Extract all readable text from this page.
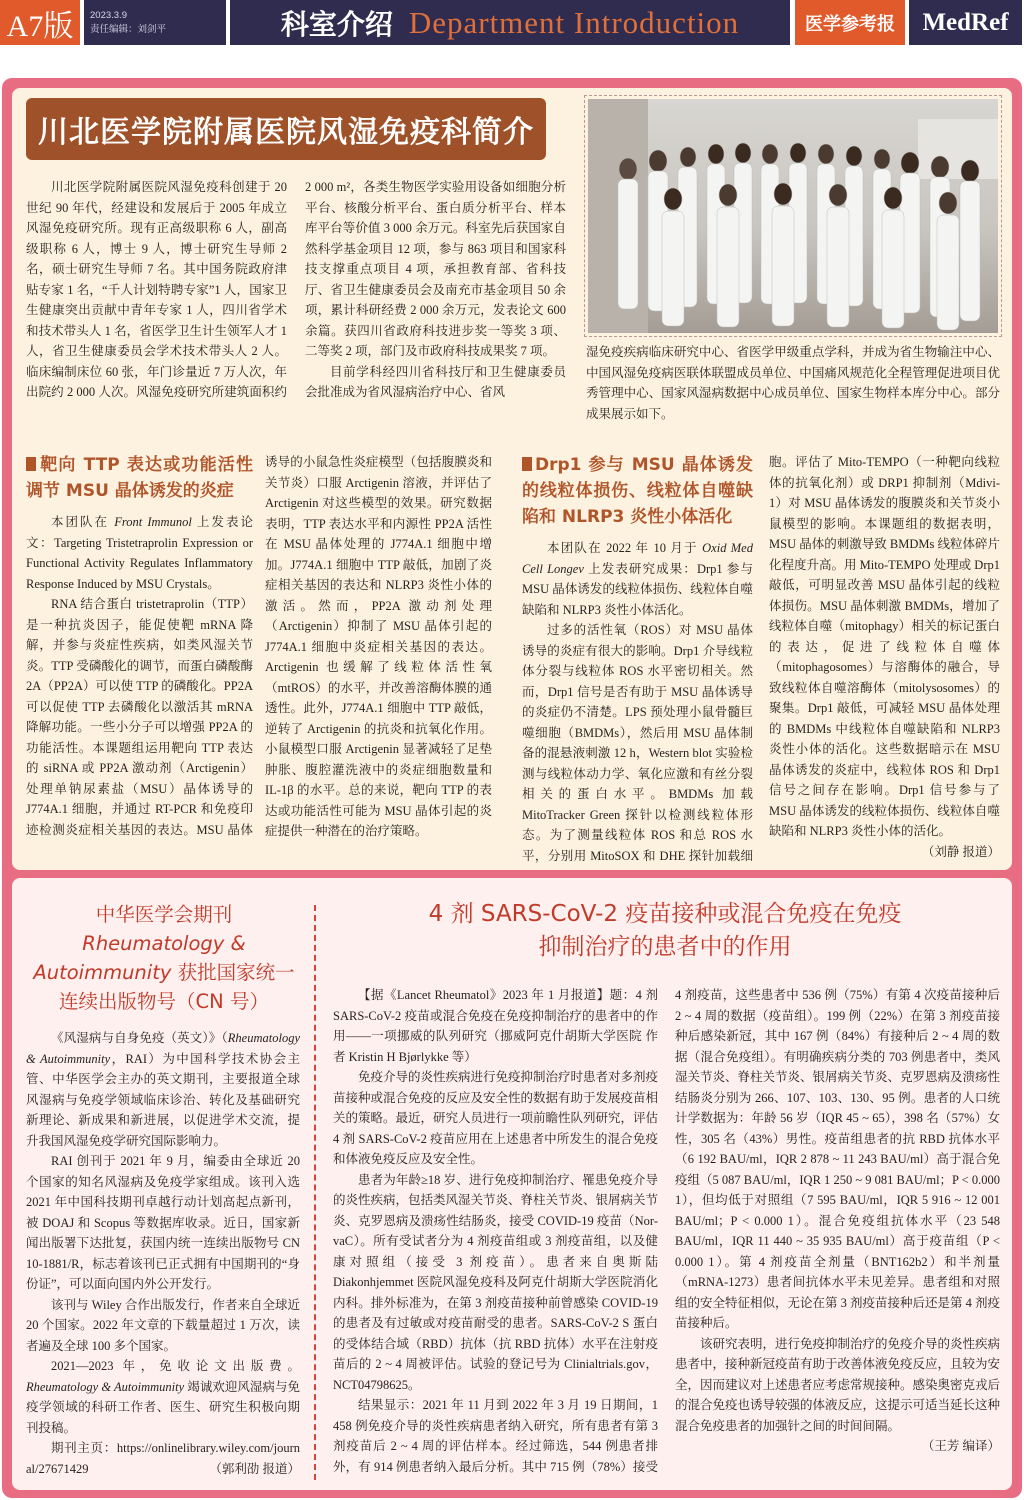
A7版	2023.3.9
责任编辑：刘剑平	科室介绍 Department Introduction	医学参考报	MedRef
川北医学院附属医院风湿免疫科简介

川北医学院附属医院风湿免疫科创建于 20 世纪 90 年代，经建设和发展后于 2005 年成立风湿免疫研究所。现有正高级职称 6 人，副高级职称 6 人，博士 9 人，博士研究生导师 2 名，硕士研究生导师 7 名。其中国务院政府津贴专家 1 名，“千人计划特聘专家”1 人，国家卫生健康突出贡献中青年专家 1 人，四川省学术和技术带头人 1 名，省医学卫生计生领军人才 1 人，省卫生健康委员会学术技术带头人 2 人。临床编制床位 60 张，年门诊量近 7 万人次，年出院约 2 000 人次。风湿免疫研究所建筑面积约 2 000 m²，各类生物医学实验用设备如细胞分析平台、核酸分析平台、蛋白质分析平台、样本库平台等价值 3 000 余万元。科室先后获国家自然科学基金项目 12 项，参与 863 项目和国家科技支撑重点项目 4 项，承担教育部、省科技厅、省卫生健康委员会及南充市基金项目 50 余项，累计科研经费 2 000 余万元，发表论文 600 余篇。获四川省政府科技进步奖一等奖 3 项、二等奖 2 项，部门及市政府科技成果奖 7 项。

目前学科经四川省科技厅和卫生健康委员会批准成为省风湿病治疗中心、省风

湿免疫疾病临床研究中心、省医学甲级重点学科，并成为省生物输注中心、中国风湿免疫病医联体联盟成员单位、中国痛风规范化全程管理促进项目优秀管理中心、国家风湿病数据中心成员单位、国家生物样本库分中心。部分成果展示如下。

靶向 TTP 表达或功能活性调节 MSU 晶体诱发的炎症

本团队在 Front Immunol 上发表论文：Targeting Tristetraprolin Expression or Functional Activity Regulates Inflammatory Response Induced by MSU Crystals。

RNA 结合蛋白 tristetraprolin（TTP）是一种抗炎因子，能促使靶 mRNA 降解，并参与炎症性疾病，如类风湿关节炎。TTP 受磷酸化的调节，而蛋白磷酸酶 2A（PP2A）可以使 TTP 的磷酸化。PP2A 可以促使 TTP 去磷酸化以激活其 mRNA 降解功能。一些小分子可以增强 PP2A 的功能活性。本课题组运用靶向 TTP 表达的 siRNA 或 PP2A 激动剂（Arctigenin）处理单钠尿素盐（MSU）晶体诱导的 J774A.1 细胞，并通过 RT-PCR 和免疫印迹检测炎症相关基因的表达。MSU 晶体诱导的小鼠急性炎症模型（包括腹膜炎和关节炎）口服 Arctigenin 溶液，并评估了 Arctigenin 对这些模型的效果。研究数据表明，TTP 表达水平和内源性 PP2A 活性在 MSU 晶体处理的 J774A.1 细胞中增加。J774A.1 细胞中 TTP 敲低，加剧了炎症相关基因的表达和 NLRP3 炎性小体的激活。然而，PP2A 激动剂处理（Arctigenin）抑制了 MSU 晶体引起的 J774A.1 细胞中炎症相关基因的表达。Arctigenin 也缓解了线粒体活性氧（mtROS）的水平，并改善溶酶体膜的通透性。此外，J774A.1 细胞中 TTP 敲低，逆转了 Arctigenin 的抗炎和抗氧化作用。小鼠模型口服 Arctigenin 显著减轻了足垫肿胀、腹腔灌洗液中的炎症细胞数量和 IL-1β 的水平。总的来说，靶向 TTP 的表达或功能活性可能为 MSU 晶体引起的炎症提供一种潜在的治疗策略。

Drp1 参与 MSU 晶体诱发的线粒体损伤、线粒体自噬缺陷和 NLRP3 炎性小体活化

本团队在 2022 年 10 月于 Oxid Med Cell Longev 上发表研究成果：Drp1 参与 MSU 晶体诱发的线粒体损伤、线粒体自噬缺陷和 NLRP3 炎性小体活化。

过多的活性氧（ROS）对 MSU 晶体诱导的炎症有很大的影响。Drp1 介导线粒体分裂与线粒体 ROS 水平密切相关。然而，Drp1 信号是否有助于 MSU 晶体诱导的炎症仍不清楚。LPS 预处理小鼠骨髓巨噬细胞（BMDMs），然后用 MSU 晶体制备的混悬液刺激 12 h，Western blot 实验检测与线粒体动力学、氧化应激和有丝分裂相关的蛋白水平。BMDMs 加载 MitoTracker Green 探针以检测线粒体形态。为了测量线粒体 ROS 和总 ROS 水平，分别用 MitoSOX 和 DHE 探针加载细胞。评估了 Mito-TEMPO（一种靶向线粒体的抗氧化剂）或 DRP1 抑制剂（Mdivi-1）对 MSU 晶体诱发的腹膜炎和关节炎小鼠模型的影响。本课题组的数据表明，MSU 晶体的刺激导致 BMDMs 线粒体碎片化程度升高。用 Mito-TEMPO 处理或 Drp1 敲低，可明显改善 MSU 晶体引起的线粒体损伤。MSU 晶体刺激 BMDMs，增加了线粒体自噬（mitophagy）相关的标记蛋白的表达，促进了线粒体自噬体（mitophagosomes）与溶酶体的融合，导致线粒体自噬溶酶体（mitolysosomes）的聚集。Drp1 敲低，可减轻 MSU 晶体处理的 BMDMs 中线粒体自噬缺陷和 NLRP3 炎性小体的活化。这些数据暗示在 MSU 晶体诱发的炎症中，线粒体 ROS 和 Drp1 信号之间存在影响。Drp1 信号参与了 MSU 晶体诱发的线粒体损伤、线粒体自噬缺陷和 NLRP3 炎性小体的活化。

（刘静 报道）

中华医学会期刊
Rheumatology &
Autoimmunity 获批国家统一
连续出版物号（CN 号）

《风湿病与自身免疫（英文）》（Rheumatology & Autoimmunity，RAI）为中国科学技术协会主管、中华医学会主办的英文期刊，主要报道全球风湿病与免疫学领域临床诊治、转化及基础研究新理论、新成果和新进展，以促进学术交流，提升我国风湿免疫学研究国际影响力。

RAI 创刊于 2021 年 9 月，编委由全球近 20 个国家的知名风湿病及免疫学家组成。该刊入选 2021 年中国科技期刊卓越行动计划高起点新刊，被 DOAJ 和 Scopus 等数据库收录。近日，国家新闻出版署下达批复，获国内统一连续出版物号 CN 10-1881/R，标志着该刊已正式拥有中国期刊的“身份证”，可以面向国内外公开发行。

该刊与 Wiley 合作出版发行，作者来自全球近 20 个国家。2022 年文章的下载量超过 1 万次，读者遍及全球 100 多个国家。

2021—2023 年，免收论文出版费。Rheumatology & Autoimmunity 竭诚欢迎风湿病与免疫学领域的科研工作者、医生、研究生积极向期刊投稿。

期刊主页：https://onlinelibrary.wiley.com/journal/27671429	（郭利劭 报道）

4 剂 SARS-CoV-2 疫苗接种或混合免疫在免疫
抑制治疗的患者中的作用

【据《Lancet Rheumatol》2023 年 1 月报道】题：4 剂 SARS-CoV-2 疫苗或混合免疫在免疫抑制治疗的患者中的作用——一项挪威的队列研究（挪威阿克什胡斯大学医院 作者 Kristin H Bjørlykke 等）

免疫介导的炎性疾病进行免疫抑制治疗时患者对多剂疫苗接种或混合免疫的反应及安全性的数据有助于发展疫苗相关的策略。最近，研究人员进行一项前瞻性队列研究，评估 4 剂 SARS-CoV-2 疫苗应用在上述患者中所发生的混合免疫和体液免疫反应及安全性。

患者为年龄≥18 岁、进行免疫抑制治疗、罹患免疫介导的炎性疾病，包括类风湿关节炎、脊柱关节炎、银屑病关节炎、克罗恩病及溃疡性结肠炎，接受 COVID-19 疫苗（Nor-vaC）。所有受试者分为 4 剂疫苗组或 3 剂疫苗组，以及健康对照组（接受 3 剂疫苗）。患者来自奥斯陆 Diakonhjemmet 医院风湿免疫科及阿克什胡斯大学医院消化内科。排外标准为，在第 3 剂疫苗接种前曾感染 COVID-19 的患者及有过敏或对疫苗耐受的患者。SARS-CoV-2 S 蛋白的受体结合域（RBD）抗体（抗 RBD 抗体）水平在注射疫苗后的 2 ~ 4 周被评估。试验的登记号为 Clinialtrials.gov，NCT04798625。

结果显示：2021 年 11 月到 2022 年 3 月 19 日期间，1 458 例免疫介导的炎性疾病患者纳入研究，所有患者有第 3 剂疫苗后 2 ~ 4 周的评估样本。经过筛选，544 例患者排外，有 914 例患者纳入最后分析。其中 715 例（78%）接受 4 剂疫苗，这些患者中 536 例（75%）有第 4 次疫苗接种后 2 ~ 4 周的数据（疫苗组）。199 例（22%）在第 3 剂疫苗接种后感染新冠，其中 167 例（84%）有接种后 2 ~ 4 周的数据（混合免疫组）。有明确疾病分类的 703 例患者中，类风湿关节炎、脊柱关节炎、银屑病关节炎、克罗恩病及溃疡性结肠炎分别为 266、107、103、130、95 例。患者的人口统计学数据为：年龄 56 岁（IQR 45 ~ 65），398 名（57%）女性，305 名（43%）男性。疫苗组患者的抗 RBD 抗体水平（6 192 BAU/ml，IQR 2 878 ~ 11 243 BAU/ml）高于混合免疫组（5 087 BAU/ml，IQR 1 250 ~ 9 081 BAU/ml；P < 0.000 1），但均低于对照组（7 595 BAU/ml，IQR 5 916 ~ 12 001 BAU/ml；P < 0.000 1）。混合免疫组抗体水平（23 548 BAU/ml，IQR 11 440 ~ 35 935 BAU/ml）高于疫苗组（P < 0.000 1）。第 4 剂疫苗全剂量（BNT162b2）和半剂量（mRNA-1273）患者间抗体水平未见差异。患者组和对照组的安全特征相似，无论在第 3 剂疫苗接种后还是第 4 剂疫苗接种后。

该研究表明，进行免疫抑制治疗的免疫介导的炎性疾病患者中，接种新冠疫苗有助于改善体液免疫反应，且较为安全，因而建议对上述患者应考虑常规接种。感染奥密克戎后的混合免疫也诱导较强的体液反应，这提示可适当延长这种混合免疫患者的加强针之间的时间间隔。

（王芳 编译）
